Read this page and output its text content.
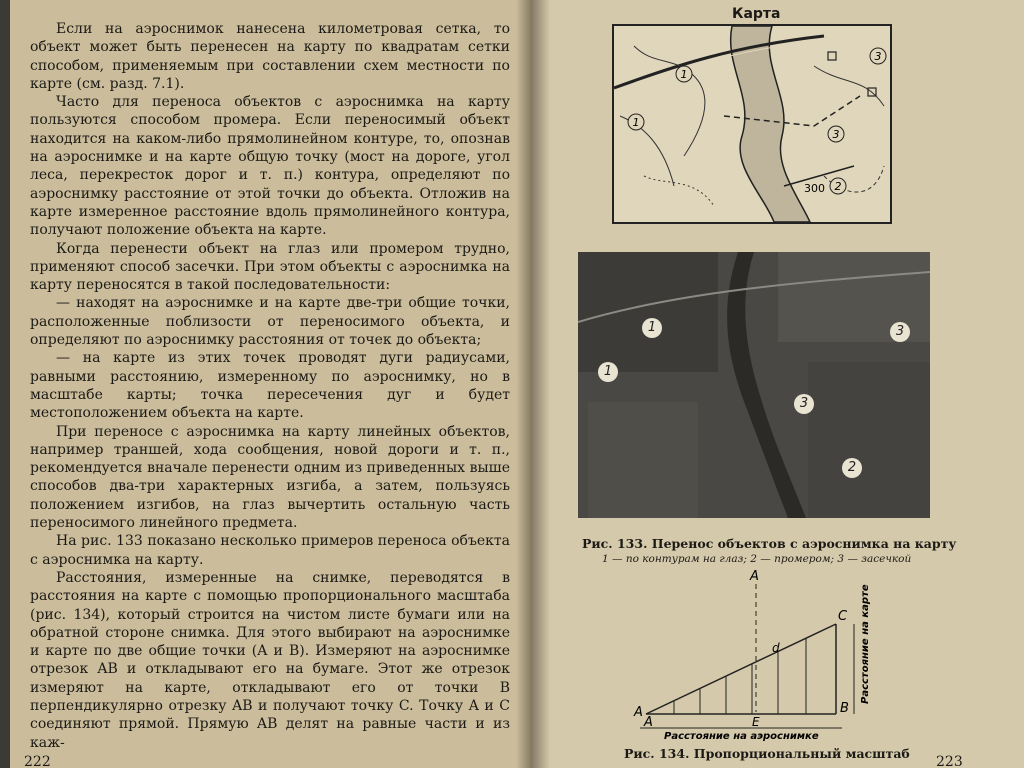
Если на аэроснимок нанесена километровая сетка, то объект может быть перенесен на карту по квадратам сетки способом, применяемым при составлении схем местности по карте (см. разд. 7.1).

Часто для переноса объектов с аэроснимка на карту пользуются способом промера. Если переносимый объект находится на каком-либо прямолинейном контуре, то, опознав на аэроснимке и на карте общую точку (мост на дороге, угол леса, перекресток дорог и т. п.) контура, определяют по аэроснимку расстояние от этой точки до объекта. Отложив на карте измеренное расстояние вдоль прямолинейного контура, получают положение объекта на карте.

Когда перенести объект на глаз или промером трудно, применяют способ засечки. При этом объекты с аэроснимка на карту переносятся в такой последовательности:

— находят на аэроснимке и на карте две-три общие точки, расположенные поблизости от переносимого объекта, и определяют по аэроснимку расстояния от точек до объекта;

— на карте из этих точек проводят дуги радиусами, равными расстоянию, измеренному по аэроснимку, но в масштабе карты; точка пересечения дуг и будет местоположением объекта на карте.

При переносе с аэроснимка на карту линейных объектов, например траншей, хода сообщения, новой дороги и т. п., рекомендуется вначале перенести одним из приведенных выше способов два-три характерных изгиба, а затем, пользуясь положением изгибов, на глаз вычертить остальную часть переносимого линейного предмета.

На рис. 133 показано несколько примеров переноса объекта с аэроснимка на карту.

Расстояния, измеренные на снимке, переводятся в расстояния на карте с помощью пропорционального масштаба (рис. 134), который строится на чистом листе бумаги или на обратной стороне снимка. Для этого выбирают на аэроснимке и карте по две общие точки (A и B). Измеряют на аэроснимке отрезок AB и откладывают его на бумаге. Этот же отрезок измеряют на карте, откладывают его от точки B перпендикулярно отрезку AB и получают точку C. Точку A и C соединяют прямой. Прямую AB делят на равные части и из каж-

222
Карта
1
1
2
3
3
300
1
1
3
3
2
Рис. 133. Перенос объектов с аэроснимка на карту
1 — по контурам на глаз; 2 — промером; 3 — засечкой
A
A
A	E
d
C
B
Расстояние на аэроснимке
Расстояние на карте
Рис. 134. Пропорциональный масштаб
223
